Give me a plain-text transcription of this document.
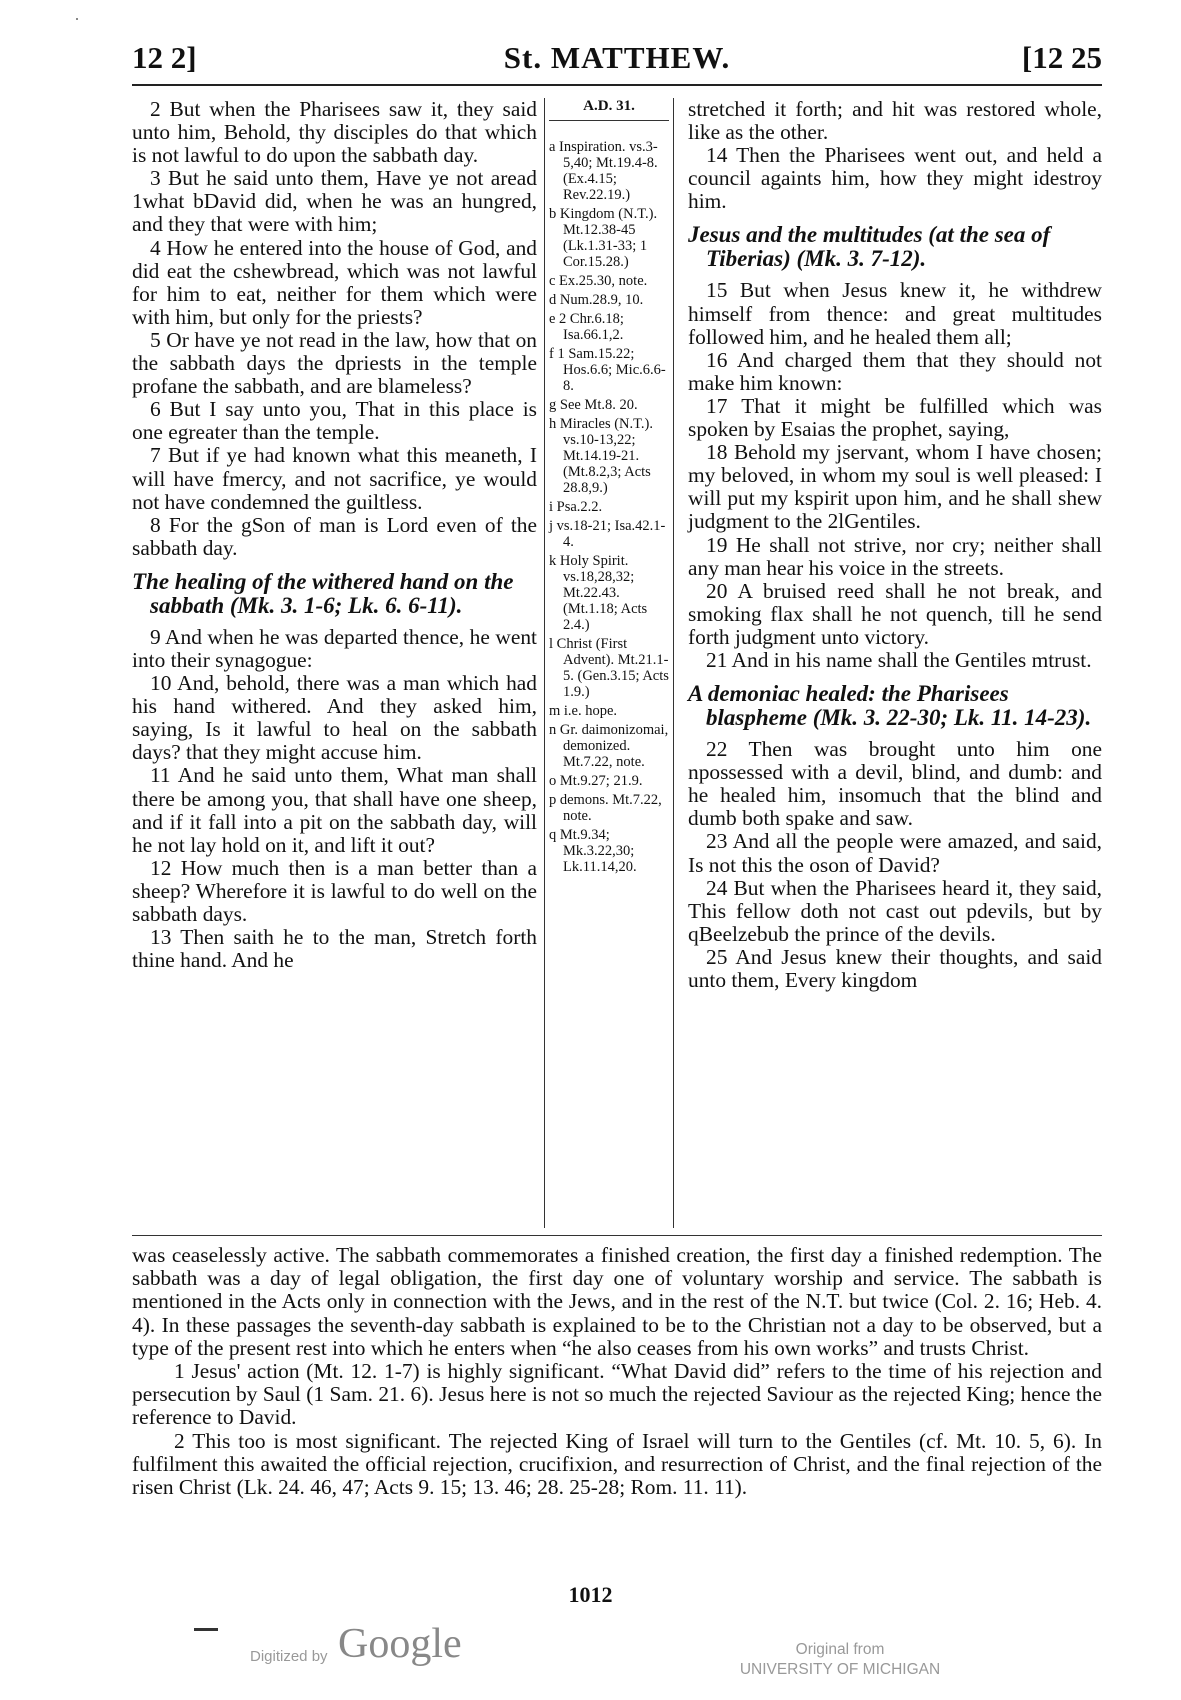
12 2]	St. MATTHEW.	[12 25

2 But when the Pharisees saw it, they said unto him, Behold, thy disciples do that which is not lawful to do upon the sabbath day.

3 But he said unto them, Have ye not aread 1what bDavid did, when he was an hungred, and they that were with him;

4 How he entered into the house of God, and did eat the cshewbread, which was not lawful for him to eat, neither for them which were with him, but only for the priests?

5 Or have ye not read in the law, how that on the sabbath days the dpriests in the temple profane the sabbath, and are blameless?

6 But I say unto you, That in this place is one egreater than the temple.

7 But if ye had known what this meaneth, I will have fmercy, and not sacrifice, ye would not have condemned the guiltless.

8 For the gSon of man is Lord even of the sabbath day.

The healing of the withered hand on the sabbath (Mk. 3. 1-6; Lk. 6. 6-11).

9 And when he was departed thence, he went into their synagogue:

10 And, behold, there was a man which had his hand withered. And they asked him, saying, Is it lawful to heal on the sabbath days? that they might accuse him.

11 And he said unto them, What man shall there be among you, that shall have one sheep, and if it fall into a pit on the sabbath day, will he not lay hold on it, and lift it out?

12 How much then is a man better than a sheep? Wherefore it is lawful to do well on the sabbath days.

13 Then saith he to the man, Stretch forth thine hand. And he

A.D. 31.

a Inspiration. vs.3-5,40; Mt.19.4-8. (Ex.4.15; Rev.22.19.)

b Kingdom (N.T.). Mt.12.38-45 (Lk.1.31-33; 1 Cor.15.28.)

c Ex.25.30, note.

d Num.28.9, 10.

e 2 Chr.6.18; Isa.66.1,2.

f 1 Sam.15.22; Hos.6.6; Mic.6.6-8.

g See Mt.8. 20.

h Miracles (N.T.). vs.10-13,22; Mt.14.19-21. (Mt.8.2,3; Acts 28.8,9.)

i Psa.2.2.

j vs.18-21; Isa.42.1-4.

k Holy Spirit. vs.18,28,32; Mt.22.43. (Mt.1.18; Acts 2.4.)

l Christ (First Advent). Mt.21.1-5. (Gen.3.15; Acts 1.9.)

m i.e. hope.

n Gr. daimonizomai, demonized. Mt.7.22, note.

o Mt.9.27; 21.9.

p demons. Mt.7.22, note.

q Mt.9.34; Mk.3.22,30; Lk.11.14,20.

stretched it forth; and hit was restored whole, like as the other.

14 Then the Pharisees went out, and held a council againts him, how they might idestroy him.

Jesus and the multitudes (at the sea of Tiberias) (Mk. 3. 7-12).

15 But when Jesus knew it, he withdrew himself from thence: and great multitudes followed him, and he healed them all;

16 And charged them that they should not make him known:

17 That it might be fulfilled which was spoken by Esaias the prophet, saying,

18 Behold my jservant, whom I have chosen; my beloved, in whom my soul is well pleased: I will put my kspirit upon him, and he shall shew judgment to the 2lGentiles.

19 He shall not strive, nor cry; neither shall any man hear his voice in the streets.

20 A bruised reed shall he not break, and smoking flax shall he not quench, till he send forth judgment unto victory.

21 And in his name shall the Gentiles mtrust.

A demoniac healed: the Pharisees blaspheme (Mk. 3. 22-30; Lk. 11. 14-23).

22 Then was brought unto him one npossessed with a devil, blind, and dumb: and he healed him, insomuch that the blind and dumb both spake and saw.

23 And all the people were amazed, and said, Is not this the oson of David?

24 But when the Pharisees heard it, they said, This fellow doth not cast out pdevils, but by qBeelzebub the prince of the devils.

25 And Jesus knew their thoughts, and said unto them, Every kingdom

was ceaselessly active. The sabbath commemorates a finished creation, the first day a finished redemption. The sabbath was a day of legal obligation, the first day one of voluntary worship and service. The sabbath is mentioned in the Acts only in connection with the Jews, and in the rest of the N.T. but twice (Col. 2. 16; Heb. 4. 4). In these passages the seventh-day sabbath is explained to be to the Christian not a day to be observed, but a type of the present rest into which he enters when “he also ceases from his own works” and trusts Christ.

1 Jesus' action (Mt. 12. 1-7) is highly significant. “What David did” refers to the time of his rejection and persecution by Saul (1 Sam. 21. 6). Jesus here is not so much the rejected Saviour as the rejected King; hence the reference to David.

2 This too is most significant. The rejected King of Israel will turn to the Gentiles (cf. Mt. 10. 5, 6). In fulfilment this awaited the official rejection, crucifixion, and resurrection of Christ, and the final rejection of the risen Christ (Lk. 24. 46, 47; Acts 9. 15; 13. 46; 28. 25-28; Rom. 11. 11).

1012
Digitized by Google	Original from
UNIVERSITY OF MICHIGAN
